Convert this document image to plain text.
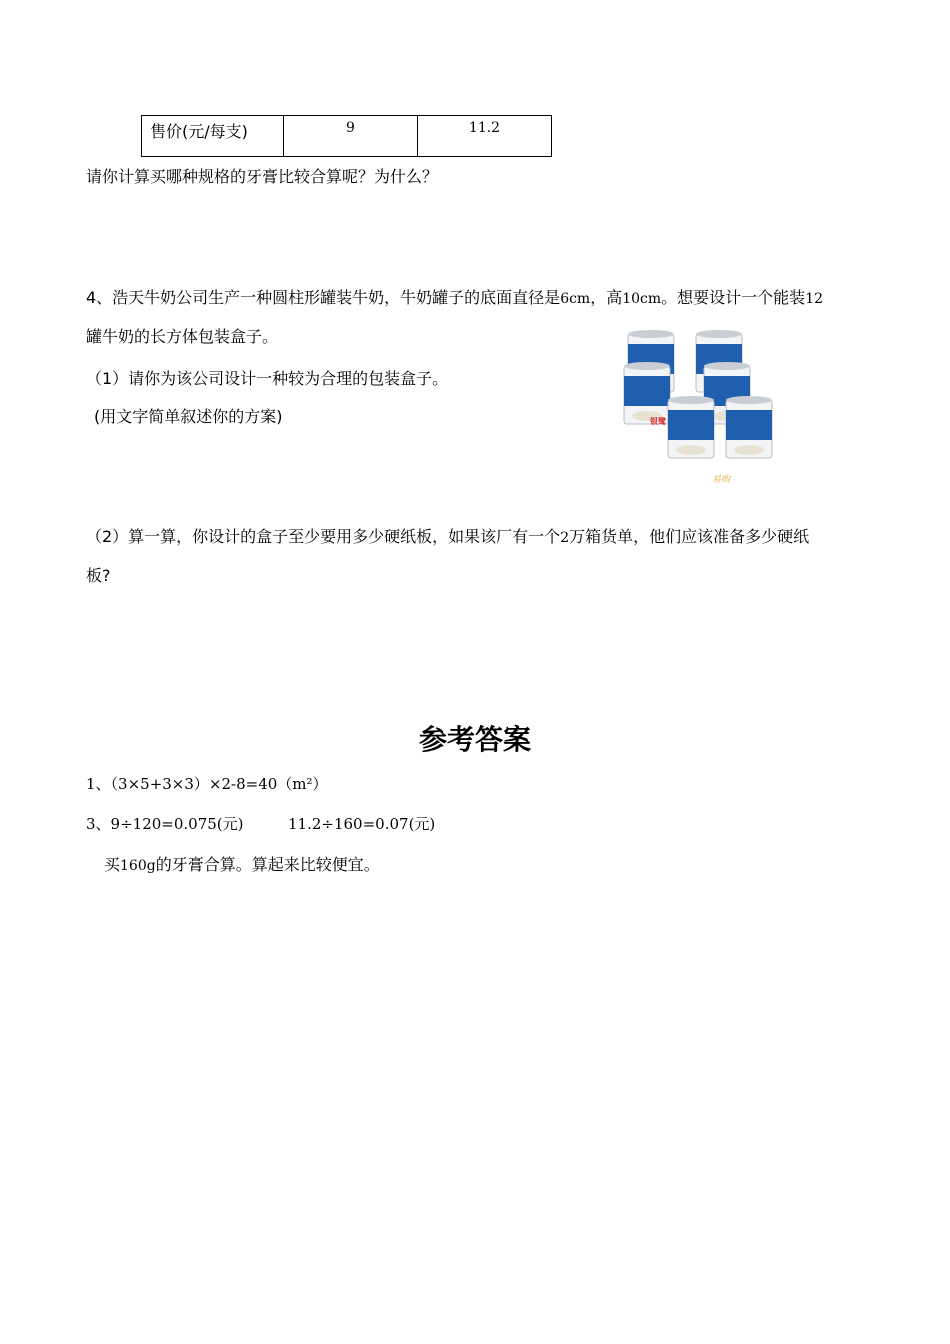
售价(元/每支)	9	11.2
请你计算买哪种规格的牙膏比较合算呢？为什么？
4、浩天牛奶公司生产一种圆柱形罐装牛奶，牛奶罐子的底面直径是6cm，高10cm。想要设计一个能装12
罐牛奶的长方体包装盒子。
（1）请你为该公司设计一种较为合理的包装盒子。
(用文字简单叙述你的方案)	银鹭
牛奶花生
易购
（2）算一算，你设计的盒子至少要用多少硬纸板，如果该厂有一个2万箱货单，他们应该准备多少硬纸
板?
参考答案
1、（3×5+3×3）×2-8=40（m²）
3、9÷120=0.075(元)	11.2÷160=0.07(元)
买160g的牙膏合算。算起来比较便宜。
